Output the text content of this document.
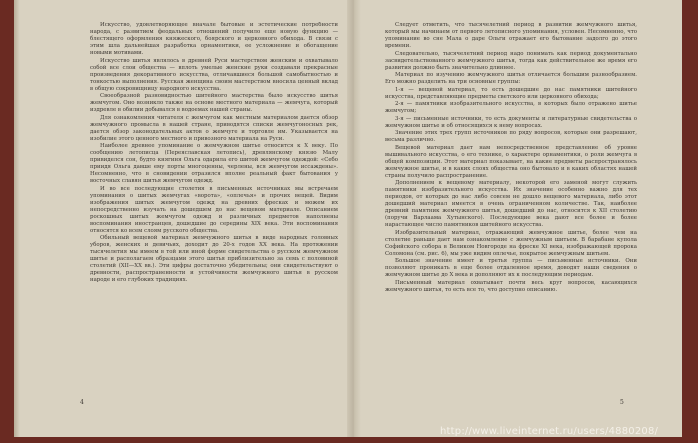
Искусство, удовлетворяющее вначале бытовые и эстетические потребности народа, с развитием феодальных отношений получило еще новую функцию — блестящего оформления княжеского, боярского и церковного обихода. В связи с этим шла дальнейшая разработка орнаментики, ее усложнение и обогащение новыми мотивами.

Искусство шитья являлось в древней Руси мастерством женским и охватывало собой все слои общества — вплоть умелые женские руки создавали прекрасные произведения декоративного искусства, отличавшиеся большой самобытностью и тонкостью выполнения. Русская женщина своим мастерством вносила ценный вклад в общую сокровищницу народного искусства.

Своеобразной разновидностью шитейного мастерства было искусство шитья жемчугом. Оно возникло также на основе местного материала — жемчуга, который издревле в обилии добывался в водоемах нашей страны.

Для ознакомления читателя с жемчугом как местным материалом дается обзор жемчужного промысла в нашей стране, приводятся списки жемчугоносных рек, дается обзор законодательных актов о жемчуге и торговле им. Указывается на изобилие этого ценного местного и привозного материала на Руси.

Наиболее древнее упоминание о жемчужном шитье относится к X веку. По сообщению летописца (Переяславская летопись), древлянскому князю Малу привиделся сон, будто княгиня Ольга одарила его шитой жемчугом одеждой: «Себо приидя Ольга давше ему порты многоценны, черлены, вся жемчугом иссаждены». Несомненно, что в сновидении отразился вполне реальный факт бытования у восточных славян шитья жемчугом одежд.

И во все последующие столетия в письменных источниках мы встречаем упоминания о шитых жемчугах «ворота», «оплечья» и прочих вещей. Видим изображения шитых жемчугом одежд на древних фресках и можем их непосредственно изучать на дошедшем до нас вещевом материале. Описанием роскошных шитых жемчугом одежд и различных предметов наполнены воспоминания иностранцев, дошедшие до середины XIX века. Эти воспоминания относятся ко всем слоям русского общества.

Обильный вещевой материал жемчужного шитья в виде народных головных уборов, женских и девичьих, доходит до 20-х годов XX века. На протяжении тысячелетия мы имеем в той или иной форме свидетельства о русском жемчужном шитье и располагаем образцами этого шитья приблизительно за семь с половиной столетий (XII—XX вв.). Эти цифры достаточно убедительны; они свидетельствуют о древности, распространенности и устойчивости жемчужного шитья в русском народе и его глубоких традициях.

Следует отметить, что тысячелетний период в развитии жемчужного шитья, который мы начинаем от первого летописного упоминания, условен. Несомненно, что упоминание во сне Мала о даре Ольги отражает его бытование задолго до этого времени.

Следовательно, тысячелетний период надо понимать как период документально засвидетельствованного жемчужного шитья, тогда как действительное же время его развития должно быть значительно длиннее.

Материал по изучению жемчужного шитья отличается большим разнообразием. Его можно разделить на три основные группы:

1-я — вещевой материал, то есть дошедшие до нас памятники шитейного искусства, представляющие предметы светского или церковного обихода;

2-я — памятники изобразительного искусства, в которых было отражено шитье жемчугом;

3-я — письменные источники, то есть документы и литературные свидетельства о жемчужном шитье и об относящихся к нему вопросах.

Значение этих трех групп источников по ряду вопросов, которые они разрешают, весьма различно.

Вещевой материал дает нам непосредственное представление об уровне вышивального искусства, о его технике, о характере орнаментики, о роли жемчуга в общей композиции. Этот материал показывает, на какие предметы распространялось жемчужное шитье, и в каких слоях общества оно бытовало и в каких областях нашей страны получило распространение.

Дополнением к вещевому материалу, некоторой его заменой могут служить памятники изобразительного искусства. Их значение особенно важно для тех периодов, от которых до нас либо совсем не дошло вещевого материала, либо этот дошедший материал имеется в очень ограниченном количестве. Так, наиболее древний памятник жемчужного шитья, дошедший до нас, относится к XII столетию (поручи Варлаама Хутынского). Последующие века дают все более и более нарастающее число памятников шитейного искусства.

Изобразительный материал, отражающий жемчужное шитье, более чем на столетие раньше дает нам ознакомление с жемчужным шитьем. В барабане купола Софийского собора в Великом Новгороде на фреске XI века, изображающей пророка Соломона (см. рис. 6), мы уже видим оплечье, покрытое жемчужным шитьем.

Большое значение имеет и третья группа — письменные источники. Они позволяют проникать в еще более отдаленное время, доводят наши сведения о жемчужном шитье до X века и дополняют их к последующим периодам.

Письменный материал охватывает почти весь круг вопросов, касающихся жемчужного шитья, то есть все то, что доступно описанию.

4	5
http://www.liveinternet.ru/users/4880208/
